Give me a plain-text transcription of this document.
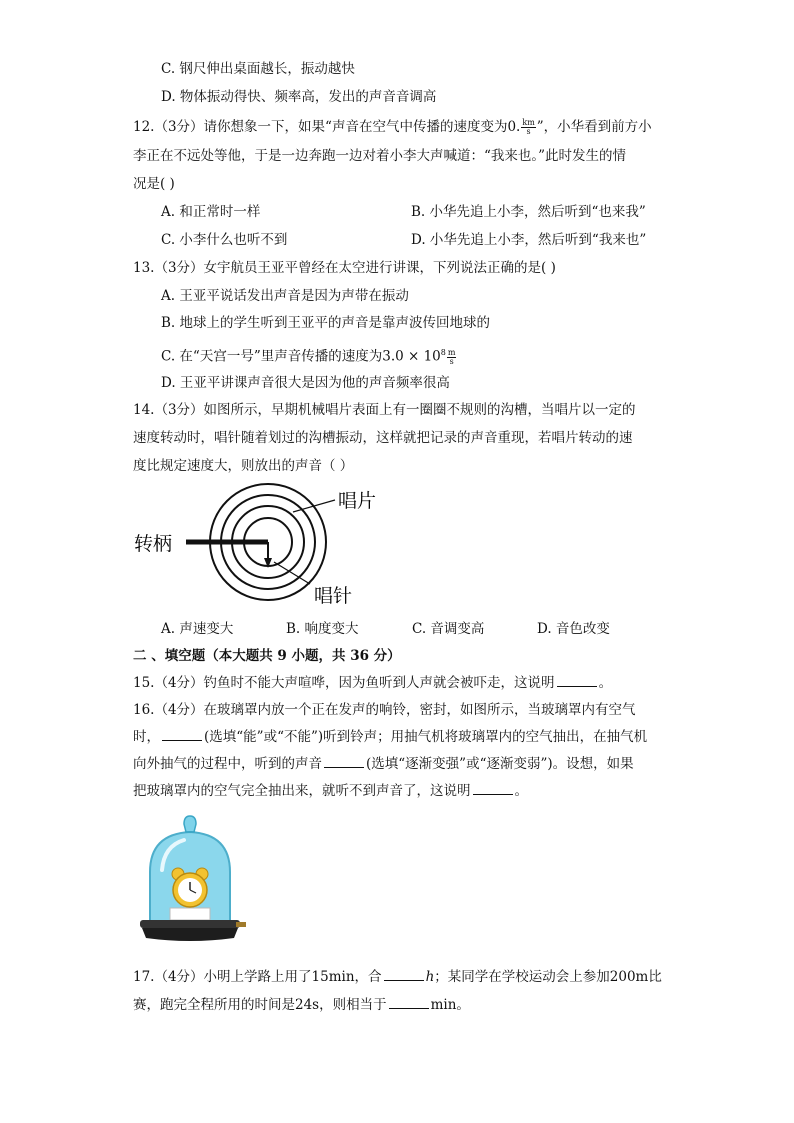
C. 钢尺伸出桌面越长，振动越快
D. 物体振动得快、频率高，发出的声音音调高
12.（3分）请你想象一下，如果“声音在空气中传播的速度变为0. $\frac{km}{s}$ ”，小华看到前方小
李正在不远处等他，于是一边奔跑一边对着小李大声喊道：“我来也。”此时发生的情
况是( )
A. 和正常时一样	B. 小华先追上小李，然后听到“也来我”
C. 小李什么也听不到	D. 小华先追上小李，然后听到“我来也”
13.（3分）女宇航员王亚平曾经在太空进行讲课，下列说法正确的是( )
A. 王亚平说话发出声音是因为声带在振动
B. 地球上的学生听到王亚平的声音是靠声波传回地球的
C. 在“天宫一号”里声音传播的速度为$3.0 \times 10^8 \frac{m}{s}$
D. 王亚平讲课声音很大是因为他的声音频率很高
14.（3分）如图所示，早期机械唱片表面上有一圈圈不规则的沟槽，当唱片以一定的
速度转动时，唱针随着划过的沟槽振动，这样就把记录的声音重现，若唱片转动的速
度比规定速度大，则放出的声音（ ）
转柄
唱片
唱针
A. 声速变大	B. 响度变大	C. 音调变高	D. 音色改变
二 、填空题（本大题共 9 小题，共 36 分）
15.（4分）钓鱼时不能大声喧哗，因为鱼听到人声就会被吓走，这说明	。
16.（4分）在玻璃罩内放一个正在发声的响铃，密封，如图所示，当玻璃罩内有空气
时，	(选填“能”或“不能”)听到铃声；用抽气机将玻璃罩内的空气抽出，在抽气机
向外抽气的过程中，听到的声音	(选填“逐渐变强”或“逐渐变弱”)。设想，如果
把玻璃罩内的空气完全抽出来，就听不到声音了，这说明	。
17.（4分）小明上学路上用了15min，合	h；某同学在学校运动会上参加200m比
赛，跑完全程所用的时间是24s，则相当于	min。
